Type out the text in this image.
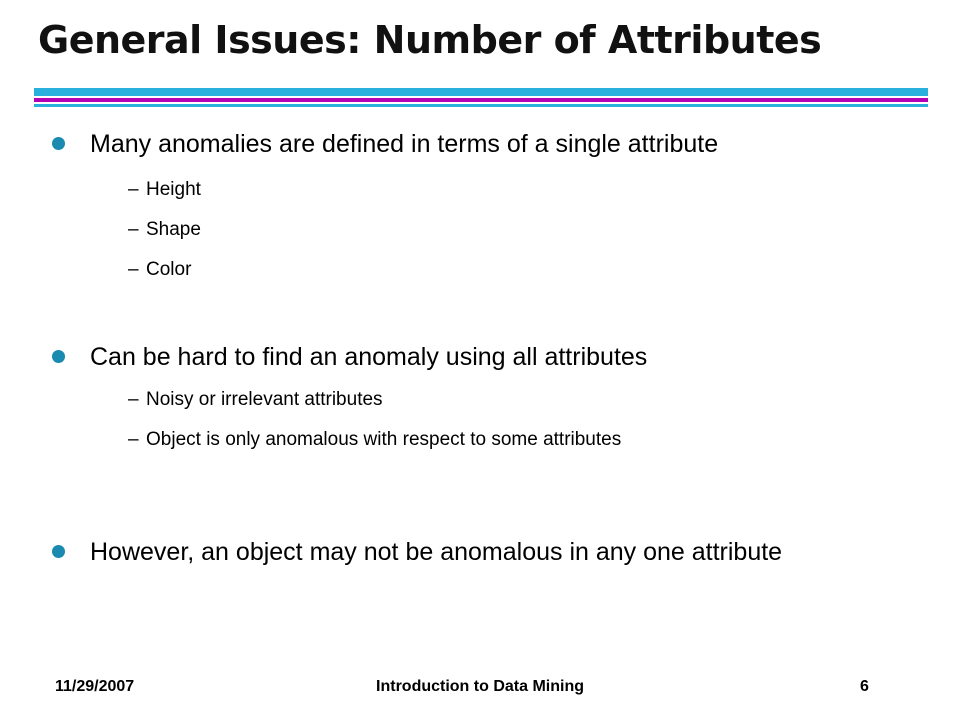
General Issues: Number of Attributes
Many anomalies are defined in terms of a single attribute
– Height
– Shape
– Color
Can be hard to find an anomaly using all attributes
– Noisy or irrelevant attributes
– Object is only anomalous with respect to some attributes
However, an object may not be anomalous in any one attribute
11/29/2007	Introduction to Data Mining	6
